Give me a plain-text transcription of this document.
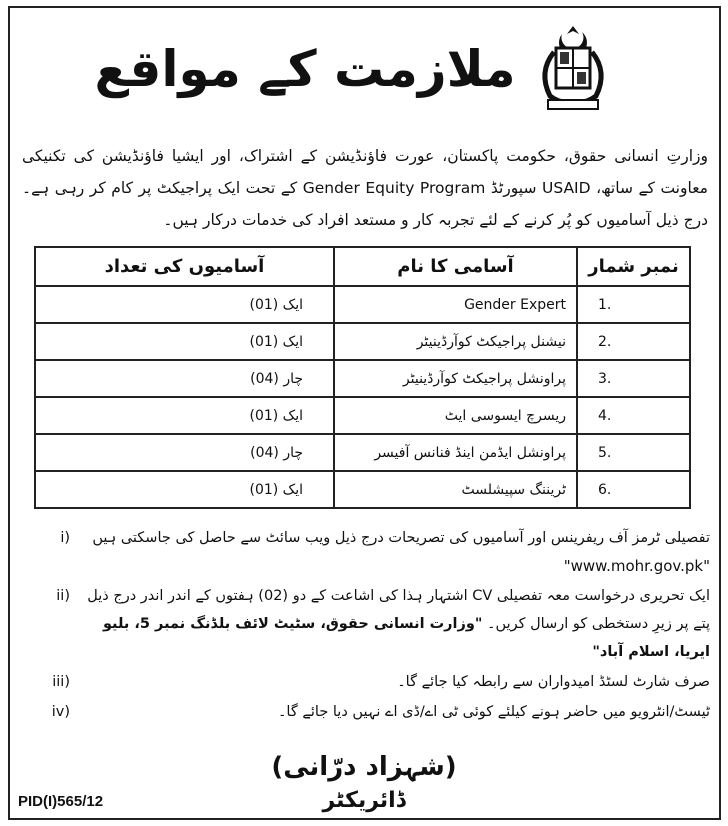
ملازمت کے مواقع

وزارتِ انسانی حقوق، حکومت پاکستان، عورت فاؤنڈیشن کے اشتراک، اور ایشیا فاؤنڈیشن کی تکنیکی معاونت کے ساتھ، USAID سپورٹڈ Gender Equity Program کے تحت ایک پراجیکٹ پر کام کر رہی ہے۔ درج ذیل آسامیوں کو پُر کرنے کے لئے تجربہ کار و مستعد افراد کی خدمات درکار ہیں۔

نمبر شمار	آسامی کا نام	آسامیوں کی تعداد
1.	Gender Expert	ایک (01)
2.	نیشنل پراجیکٹ کوآرڈینیٹر	ایک (01)
3.	پراونشل پراجیکٹ کوآرڈینیٹر	چار (04)
4.	ریسرچ ایسوسی ایٹ	ایک (01)
5.	پراونشل ایڈمن اینڈ فنانس آفیسر	چار (04)
6.	ٹریننگ سپیشلسٹ	ایک (01)
تفصیلی ٹرمز آف ریفرینس اور آسامیوں کی تصریحات درج ذیل ویب سائٹ سے حاصل کی جاسکتی ہیں
"www.mohr.gov.pk"
i)
ایک تحریری درخواست معہ تفصیلی CV اشتہار ہذا کی اشاعت کے دو (02) ہفتوں کے اندر اندر درج ذیل پتے پر زیرِ دستخطی کو ارسال کریں۔ "وزارت انسانی حقوق، سٹیٹ لائف بلڈنگ نمبر 5، بلیو ایریا، اسلام آباد"
ii)
صرف شارٹ لسٹڈ امیدواران سے رابطہ کیا جائے گا۔
iii)
ٹیسٹ/انٹرویو میں حاضر ہونے کیلئے کوئی ٹی اے/ڈی اے نہیں دیا جائے گا۔
iv)
(شہزاد درّانی)
ڈائریکٹر
PID(I)565/12
